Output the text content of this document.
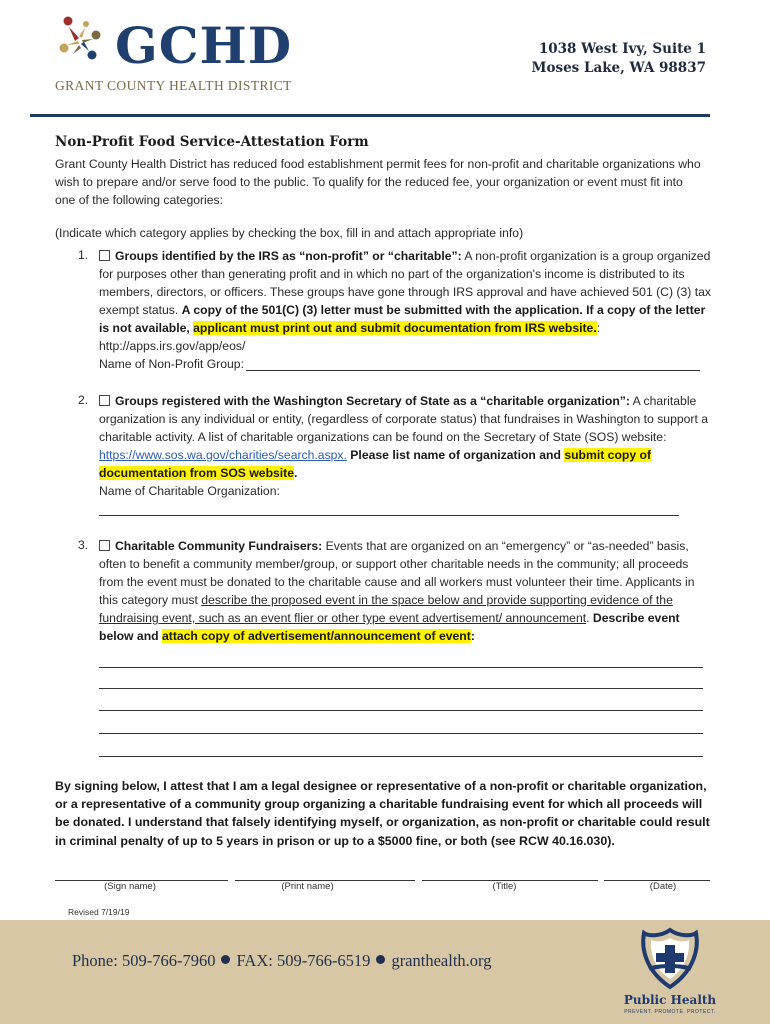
GCHD
GRANT COUNTY HEALTH DISTRICT
1038 West Ivy, Suite 1
Moses Lake, WA 98837
Non-Profit Food Service-Attestation Form
Grant County Health District has reduced food establishment permit fees for non-profit and charitable organizations who wish to prepare and/or serve food to the public. To qualify for the reduced fee, your organization or event must fit into one of the following categories:
(Indicate which category applies by checking the box, fill in and attach appropriate info)
1.	Groups identified by the IRS as “non-profit” or “charitable”: A non-profit organization is a group organized for purposes other than generating profit and in which no part of the organization's income is distributed to its members, directors, or officers. These groups have gone through IRS approval and have achieved 501 (C) (3) tax exempt status. A copy of the 501(C) (3) letter must be submitted with the application. If a copy of the letter is not available, applicant must print out and submit documentation from IRS website.: http://apps.irs.gov/app/eos/
Name of Non-Profit Group:
2.	Groups registered with the Washington Secretary of State as a “charitable organization”: A charitable organization is any individual or entity, (regardless of corporate status) that fundraises in Washington to support a charitable activity. A list of charitable organizations can be found on the Secretary of State (SOS) website: https://www.sos.wa.gov/charities/search.aspx. Please list name of organization and submit copy of documentation from SOS website.
Name of Charitable Organization:
3.	Charitable Community Fundraisers: Events that are organized on an “emergency” or “as-needed” basis, often to benefit a community member/group, or support other charitable needs in the community; all proceeds from the event must be donated to the charitable cause and all workers must volunteer their time. Applicants in this category must describe the proposed event in the space below and provide supporting evidence of the fundraising event, such as an event flier or other type event advertisement/ announcement. Describe event below and attach copy of advertisement/announcement of event:
By signing below, I attest that I am a legal designee or representative of a non-profit or charitable organization, or a representative of a community group organizing a charitable fundraising event for which all proceeds will be donated. I understand that falsely identifying myself, or organization, as non-profit or charitable could result in criminal penalty of up to 5 years in prison or up to a $5000 fine, or both (see RCW 40.16.030).
(Sign name)	(Print name)	(Title)	(Date)
Revised 7/19/19
Phone: 509-766-7960 FAX: 509-766-6519 granthealth.org
Public Health
PREVENT. PROMOTE. PROTECT.
